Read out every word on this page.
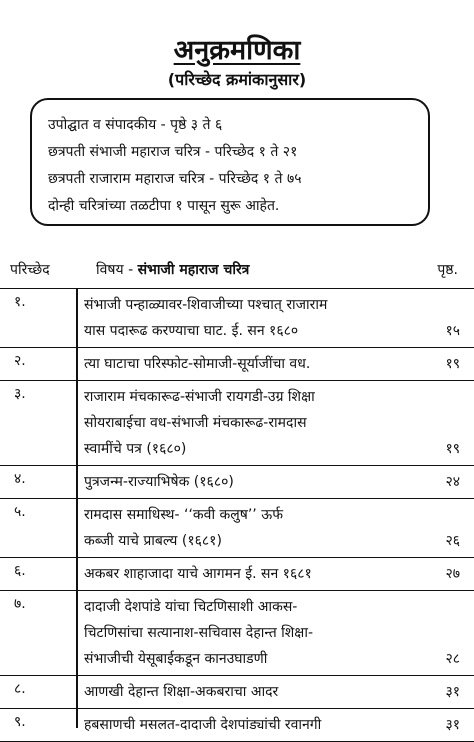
अनुक्रमणिका
(परिच्छेद क्रमांकानुसार)
उपोद्घात व संपादकीय - पृष्ठे ३ ते ६
छत्रपती संभाजी महाराज चरित्र - परिच्छेद १ ते २१
छत्रपती राजाराम महाराज चरित्र - परिच्छेद १ ते ७५
दोन्ही चरित्रांच्या तळटीपा १ पासून सुरू आहेत.
परिच्छेद	विषय - संभाजी महाराज चरित्र	पृष्ठ.
१.	संभाजी पन्हाळ्यावर-शिवाजीच्या पश्चात् राजाराम
यास पदारूढ करण्याचा घाट. ई. सन १६८०	१५
२.	त्या घाटाचा परिस्फोट-सोमाजी-सूर्याजींचा वध.	१९
३.	राजाराम मंचकारूढ-संभाजी रायगडी-उग्र शिक्षा
सोयराबाईचा वध-संभाजी मंचकारूढ-रामदास
स्वामींचे पत्र (१६८०)	१९
४.	पुत्रजन्म-राज्याभिषेक (१६८०)	२४
५.	रामदास समाधिस्थ- ‘‘कवी कलुष’’ ऊर्फ
कब्जी याचे प्राबल्य (१६८१)	२६
६.	अकबर शाहाजादा याचे आगमन ई. सन १६८१	२७
७.	दादाजी देशपांडे यांचा चिटणिसाशी आकस-
चिटणिसांचा सत्यानाश-सचिवास देहान्त शिक्षा-
संभाजीची येसूबाईकडून कानउघाडणी	२८
८.	आणखी देहान्त शिक्षा-अकबराचा आदर	३१
९.	हबसाणची मसलत-दादाजी देशपांड्यांची रवानगी	३१
